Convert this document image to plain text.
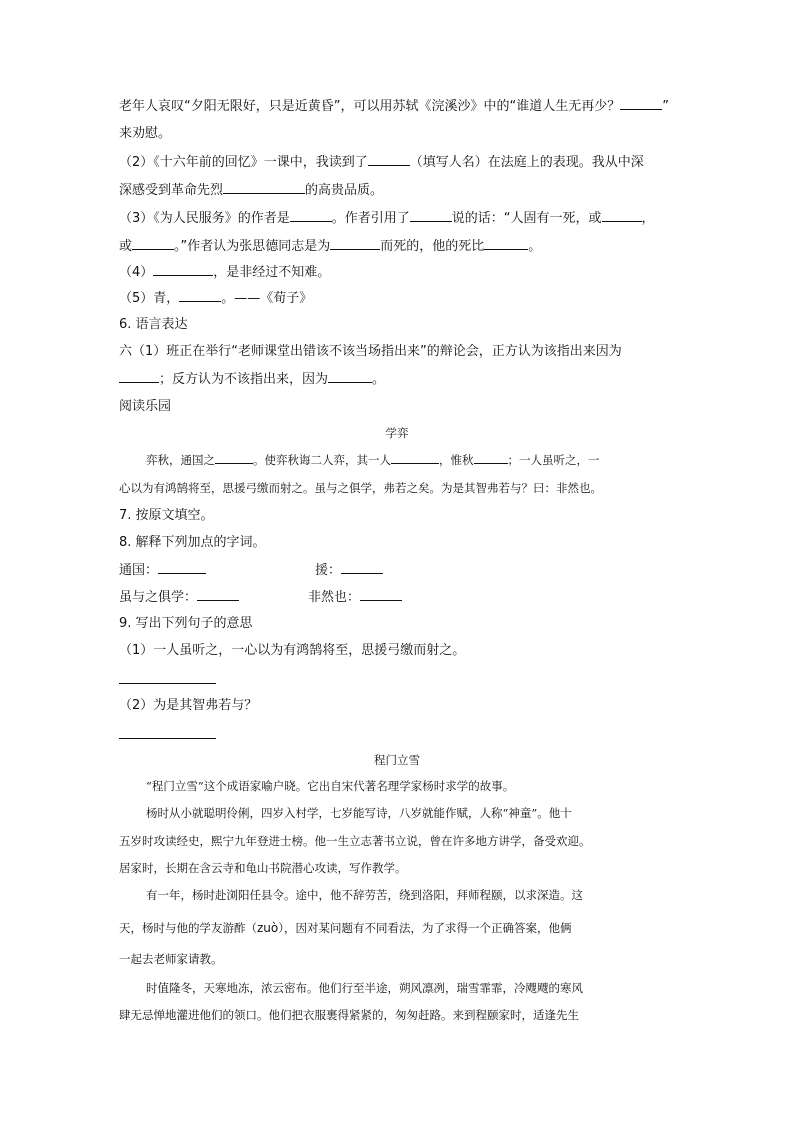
老年人哀叹“夕阳无限好，只是近黄昏”，可以用苏轼《浣溪沙》中的“谁道人生无再少？	”
来劝慰。
（2）《十六年前的回忆》一课中，我读到了	（填写人名）在法庭上的表现。我从中深
深感受到革命先烈	的高贵品质。
（3）《为人民服务》的作者是	。作者引用了	说的话：“人固有一死，或	，
或	。”作者认为张思德同志是为	而死的，他的死比	。
（4）	，是非经过不知难。
（5）青，	。——《荀子》
6. 语言表达
六（1）班正在举行“老师课堂出错该不该当场指出来”的辩论会，正方认为该指出来因为
；反方认为不该指出来，因为	。
阅读乐园
学弈
弈秋，通国之	。使弈秋诲二人弈，其一人	，惟秋	；一人虽听之，一
心以为有鸿鹄将至，思援弓缴而射之。虽与之俱学，弗若之矣。为是其智弗若与？曰：非然也。
7. 按原文填空。
8. 解释下列加点的字词。
通国：	援：
虽与之俱学：	非然也：
9. 写出下列句子的意思
（1）一人虽听之，一心以为有鸿鹄将至，思援弓缴而射之。
（2）为是其智弗若与？
程门立雪
“程门立雪”这个成语家喻户晓。它出自宋代著名理学家杨时求学的故事。
杨时从小就聪明伶俐，四岁入村学，七岁能写诗，八岁就能作赋，人称“神童”。他十
五岁时攻读经史，熙宁九年登进士榜。他一生立志著书立说，曾在许多地方讲学，备受欢迎。
居家时，长期在含云寺和龟山书院潜心攻读，写作教学。
有一年，杨时赴浏阳任县令。途中，他不辞劳苦，绕到洛阳，拜师程颐，以求深造。这
天，杨时与他的学友游酢（zuò），因对某问题有不同看法，为了求得一个正确答案，他俩
一起去老师家请教。
时值隆冬，天寒地冻，浓云密布。他们行至半途，朔风凛冽，瑞雪霏霏，冷飕飕的寒风
肆无忌惮地灌进他们的领口。他们把衣服裹得紧紧的，匆匆赶路。来到程颐家时，适逢先生
